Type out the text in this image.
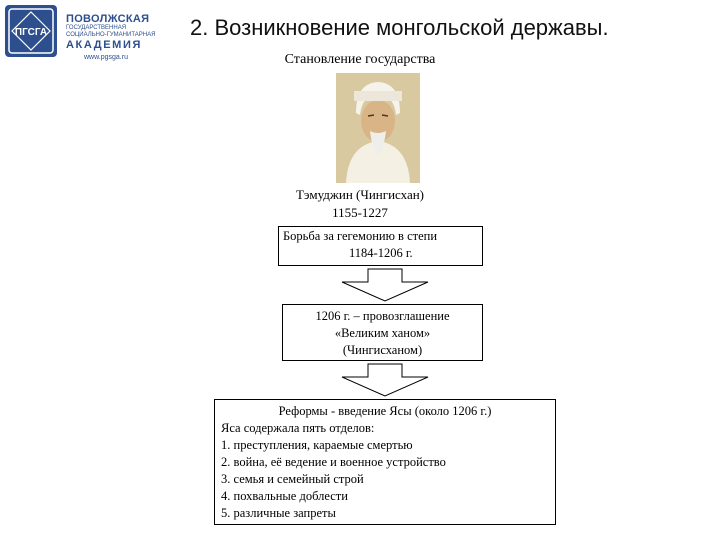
ПГСГА
ПОВОЛЖСКАЯ
ГОСУДАРСТВЕННАЯ
СОЦИАЛЬНО-ГУМАНИТАРНАЯ
АКАДЕМИЯ
www.pgsga.ru
2. Возникновение монгольской державы.
Становление государства
Тэмуджин (Чингисхан)
1155-1227
Борьба за гегемонию в степи
1184-1206 г.
1206 г. – провозглашение
«Великим ханом»
(Чингисханом)
Реформы - введение Ясы (около 1206 г.)
Яса содержала пять отделов:
1. преступления, караемые смертью
2. война, её ведение и военное устройство
3. семья и семейный строй
4. похвальные доблести
5. различные запреты
